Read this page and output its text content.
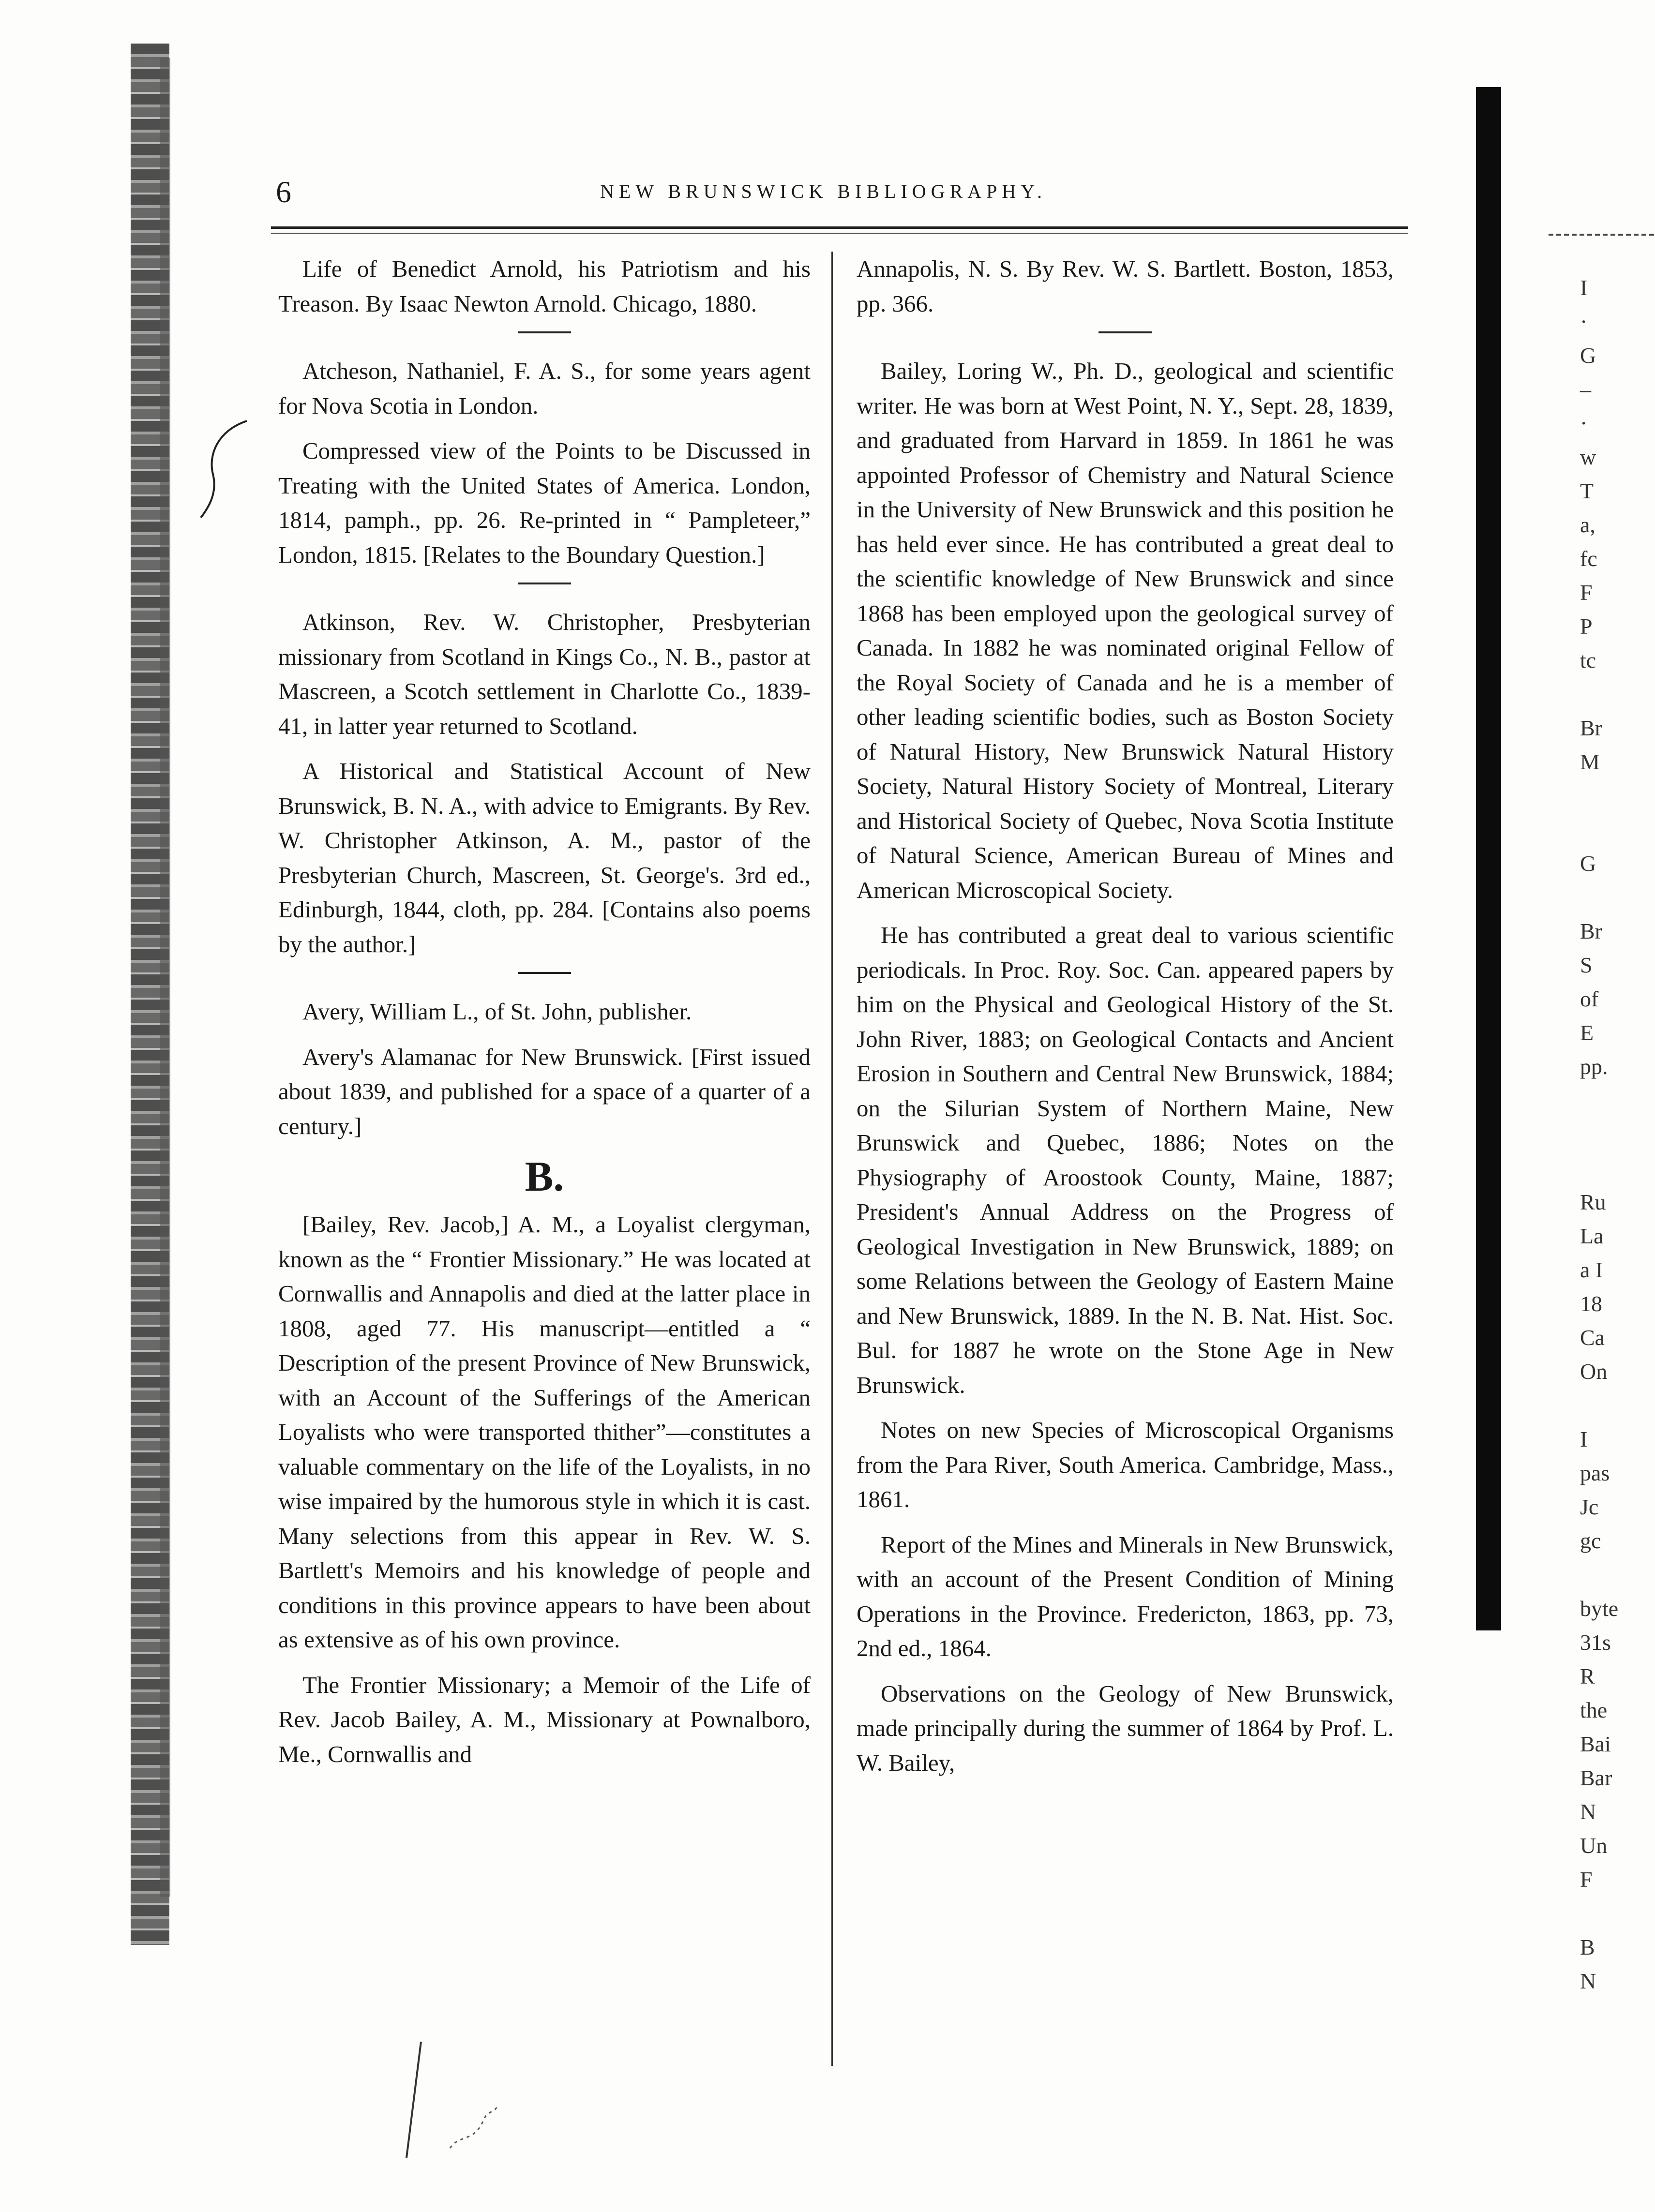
6	NEW BRUNSWICK BIBLIOGRAPHY.

Life of Benedict Arnold, his Patriotism and his Treason. By Isaac Newton Arnold. Chicago, 1880.

Atcheson, Nathaniel, F. A. S., for some years agent for Nova Scotia in London.

Compressed view of the Points to be Discussed in Treating with the United States of America. London, 1814, pamph., pp. 26. Re-printed in “ Pampleteer,” London, 1815. [Relates to the Boundary Question.]

Atkinson, Rev. W. Christopher, Presbyterian missionary from Scotland in Kings Co., N. B., pastor at Mascreen, a Scotch settlement in Charlotte Co., 1839-41, in latter year returned to Scotland.

A Historical and Statistical Account of New Brunswick, B. N. A., with advice to Emigrants. By Rev. W. Christopher Atkinson, A. M., pastor of the Presbyterian Church, Mascreen, St. George's. 3rd ed., Edinburgh, 1844, cloth, pp. 284. [Contains also poems by the author.]

Avery, William L., of St. John, publisher.

Avery's Alamanac for New Brunswick. [First issued about 1839, and published for a space of a quarter of a century.]

B.

[Bailey, Rev. Jacob,] A. M., a Loyalist clergyman, known as the “ Frontier Missionary.” He was located at Cornwallis and Annapolis and died at the latter place in 1808, aged 77. His manuscript—entitled a “ Description of the present Province of New Brunswick, with an Account of the Sufferings of the American Loyalists who were transported thither”—constitutes a valuable commentary on the life of the Loyalists, in no wise impaired by the humorous style in which it is cast. Many selections from this appear in Rev. W. S. Bartlett's Memoirs and his knowledge of people and conditions in this province appears to have been about as extensive as of his own province.

The Frontier Missionary; a Memoir of the Life of Rev. Jacob Bailey, A. M., Missionary at Pownalboro, Me., Cornwallis and

Annapolis, N. S. By Rev. W. S. Bartlett. Boston, 1853, pp. 366.

Bailey, Loring W., Ph. D., geological and scientific writer. He was born at West Point, N. Y., Sept. 28, 1839, and graduated from Harvard in 1859. In 1861 he was appointed Professor of Chemistry and Natural Science in the University of New Brunswick and this position he has held ever since. He has contributed a great deal to the scientific knowledge of New Brunswick and since 1868 has been employed upon the geological survey of Canada. In 1882 he was nominated original Fellow of the Royal Society of Canada and he is a member of other leading scientific bodies, such as Boston Society of Natural History, New Brunswick Natural History Society, Natural History Society of Montreal, Literary and Historical Society of Quebec, Nova Scotia Institute of Natural Science, American Bureau of Mines and American Microscopical Society.

He has contributed a great deal to various scientific periodicals. In Proc. Roy. Soc. Can. appeared papers by him on the Physical and Geological History of the St. John River, 1883; on Geological Contacts and Ancient Erosion in Southern and Central New Brunswick, 1884; on the Silurian System of Northern Maine, New Brunswick and Quebec, 1886; Notes on the Physiography of Aroostook County, Maine, 1887; President's Annual Address on the Progress of Geological Investigation in New Brunswick, 1889; on some Relations between the Geology of Eastern Maine and New Brunswick, 1889. In the N. B. Nat. Hist. Soc. Bul. for 1887 he wrote on the Stone Age in New Brunswick.

Notes on new Species of Microscopical Organisms from the Para River, South America. Cambridge, Mass., 1861.

Report of the Mines and Minerals in New Brunswick, with an account of the Present Condition of Mining Operations in the Province. Fredericton, 1863, pp. 73, 2nd ed., 1864.

Observations on the Geology of New Brunswick, made principally during the summer of 1864 by Prof. L. W. Bailey,

I
·
G
–
·
w
T
a,
fc
F
P
tc

Br
M

G

Br
S
of
E
pp.

Ru
La
a I
18
Ca
On

I
pas
Jc
gc

byte
31s
R
the
Bai
Bar
N
Un
F

B
N
